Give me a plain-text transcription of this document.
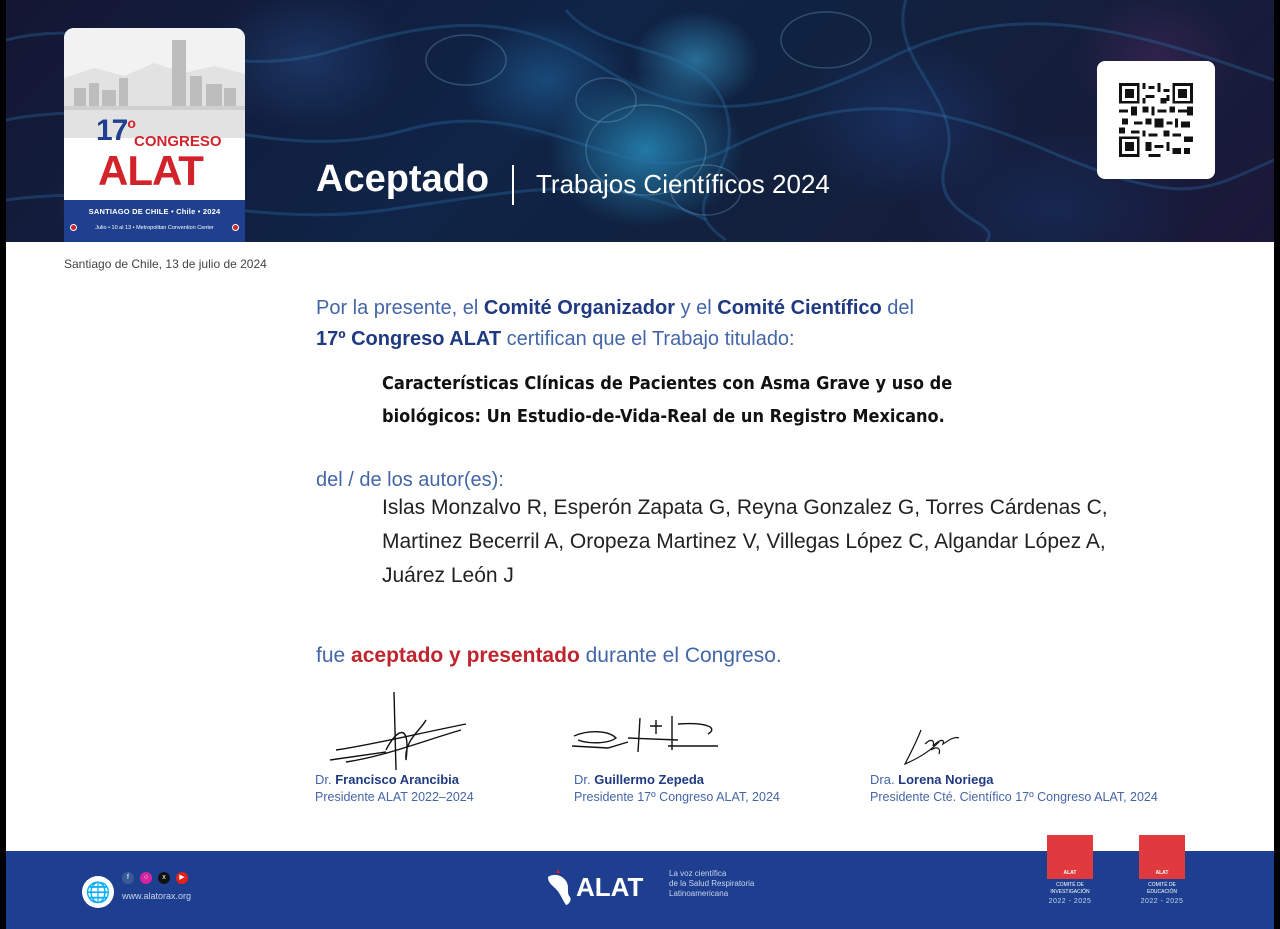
17$^o$
CONGRESO
ALAT
SANTIAGO DE CHILE • Chile • 2024
Julio • 10 al 13 • Metropolitan Convention Center
Aceptado Trabajos Científicos 2024
Santiago de Chile, 13 de julio de 2024
Por la presente, el Comité Organizador y el Comité Científico del
17º Congreso ALAT certifican que el Trabajo titulado:
Características Clínicas de Pacientes con Asma Grave y uso de biológicos: Un Estudio-de-Vida-Real de un Registro Mexicano.
del / de los autor(es):
Islas Monzalvo R, Esperón Zapata G, Reyna Gonzalez G, Torres Cárdenas C,
Martinez Becerril A, Oropeza Martinez V, Villegas López C, Algandar López A,
Juárez León J
fue aceptado y presentado durante el Congreso.
Dr. Francisco Arancibia
Presidente ALAT 2022–2024
Dr. Guillermo Zepeda
Presidente 17º Congreso ALAT, 2024
Dra. Lorena Noriega
Presidente Cté. Científico 17º Congreso ALAT, 2024
🌐
f	○	x	▶
www.alatorax.org	ALAT	La voz científica
de la Salud Respiratoria
Latinoamericana
ALAT
COMITÉ DE
INVESTIGACIÓN
2022 - 2025
ALAT
COMITÉ DE
EDUCACIÓN
2022 - 2025
